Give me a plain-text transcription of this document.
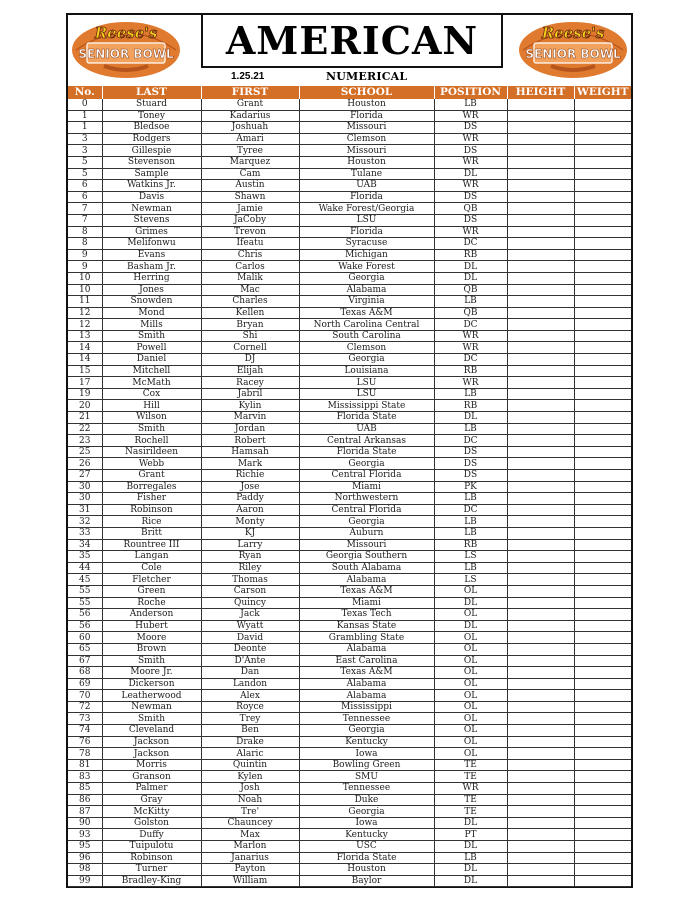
Reese's
SENIOR BOWL AMERICAN
1.25.21	NUMERICAL
Reese's
SENIOR BOWL
No.	LAST	FIRST	SCHOOL	POSITION	HEIGHT	WEIGHT
0	Stuard	Grant	Houston	LB		
1	Toney	Kadarius	Florida	WR		
1	Bledsoe	Joshuah	Missouri	DS		
3	Rodgers	Amari	Clemson	WR		
3	Gillespie	Tyree	Missouri	DS		
5	Stevenson	Marquez	Houston	WR		
5	Sample	Cam	Tulane	DL		
6	Watkins Jr.	Austin	UAB	WR		
6	Davis	Shawn	Florida	DS		
7	Newman	Jamie	Wake Forest/Georgia	QB		
7	Stevens	JaCoby	LSU	DS		
8	Grimes	Trevon	Florida	WR		
8	Melifonwu	Ifeatu	Syracuse	DC		
9	Evans	Chris	Michigan	RB		
9	Basham Jr.	Carlos	Wake Forest	DL		
10	Herring	Malik	Georgia	DL		
10	Jones	Mac	Alabama	QB		
11	Snowden	Charles	Virginia	LB		
12	Mond	Kellen	Texas A&M	QB		
12	Mills	Bryan	North Carolina Central	DC		
13	Smith	Shi	South Carolina	WR		
14	Powell	Cornell	Clemson	WR		
14	Daniel	DJ	Georgia	DC		
15	Mitchell	Elijah	Louisiana	RB		
17	McMath	Racey	LSU	WR		
19	Cox	Jabril	LSU	LB		
20	Hill	Kylin	Mississippi State	RB		
21	Wilson	Marvin	Florida State	DL		
22	Smith	Jordan	UAB	LB		
23	Rochell	Robert	Central Arkansas	DC		
25	Nasirildeen	Hamsah	Florida State	DS		
26	Webb	Mark	Georgia	DS		
27	Grant	Richie	Central Florida	DS		
30	Borregales	Jose	Miami	PK		
30	Fisher	Paddy	Northwestern	LB		
31	Robinson	Aaron	Central Florida	DC		
32	Rice	Monty	Georgia	LB		
33	Britt	KJ	Auburn	LB		
34	Rountree III	Larry	Missouri	RB		
35	Langan	Ryan	Georgia Southern	LS		
44	Cole	Riley	South Alabama	LB		
45	Fletcher	Thomas	Alabama	LS		
55	Green	Carson	Texas A&M	OL		
55	Roche	Quincy	Miami	DL		
56	Anderson	Jack	Texas Tech	OL		
56	Hubert	Wyatt	Kansas State	DL		
60	Moore	David	Grambling State	OL		
65	Brown	Deonte	Alabama	OL		
67	Smith	D'Ante	East Carolina	OL		
68	Moore Jr.	Dan	Texas A&M	OL		
69	Dickerson	Landon	Alabama	OL		
70	Leatherwood	Alex	Alabama	OL		
72	Newman	Royce	Mississippi	OL		
73	Smith	Trey	Tennessee	OL		
74	Cleveland	Ben	Georgia	OL		
76	Jackson	Drake	Kentucky	OL		
78	Jackson	Alaric	Iowa	OL		
81	Morris	Quintin	Bowling Green	TE		
83	Granson	Kylen	SMU	TE		
85	Palmer	Josh	Tennessee	WR		
86	Gray	Noah	Duke	TE		
87	McKitty	Tre'	Georgia	TE		
90	Golston	Chauncey	Iowa	DL		
93	Duffy	Max	Kentucky	PT		
95	Tuipulotu	Marlon	USC	DL		
96	Robinson	Janarius	Florida State	LB		
98	Turner	Payton	Houston	DL		
99	Bradley-King	William	Baylor	DL		
